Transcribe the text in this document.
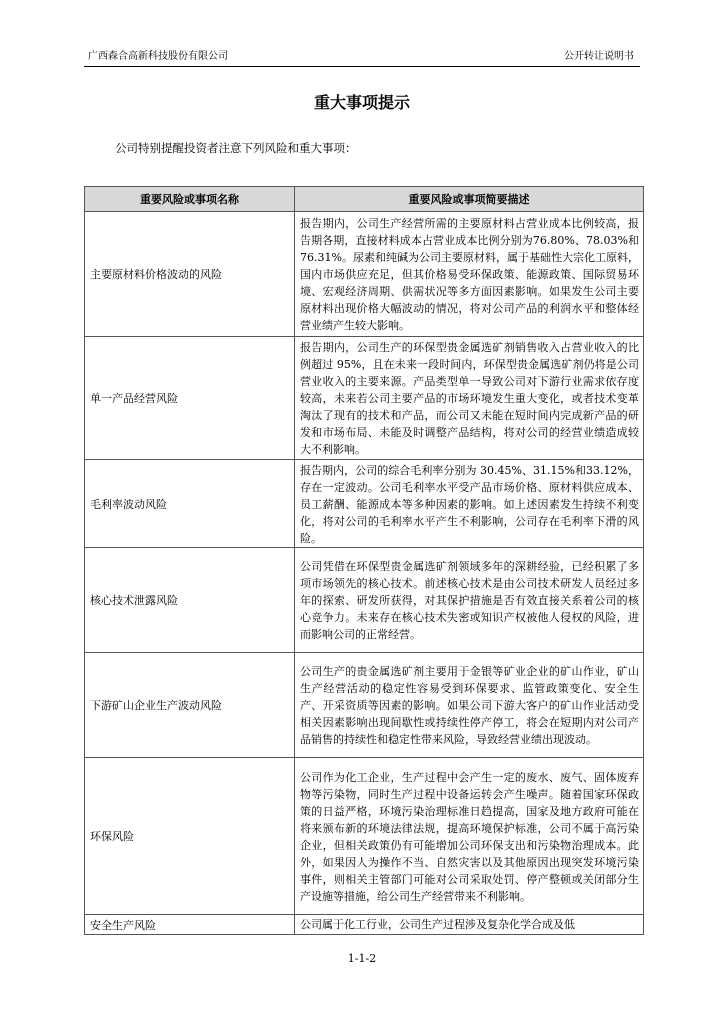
广西森合高新科技股份有限公司	公开转让说明书
重大事项提示
公司特别提醒投资者注意下列风险和重大事项：
重要风险或事项名称	重要风险或事项简要描述
主要原材料价格波动的风险	报告期内，公司生产经营所需的主要原材料占营业成本比例较高，报告期各期，直接材料成本占营业成本比例分别为76.80%、78.03%和 76.31%。尿素和纯碱为公司主要原材料，属于基础性大宗化工原料，国内市场供应充足，但其价格易受环保政策、能源政策、国际贸易环境、宏观经济周期、供需状况等多方面因素影响。如果发生公司主要原材料出现价格大幅波动的情况，将对公司产品的利润水平和整体经营业绩产生较大影响。
单一产品经营风险	报告期内，公司生产的环保型贵金属选矿剂销售收入占营业收入的比例超过 95%，且在未来一段时间内，环保型贵金属选矿剂仍将是公司营业收入的主要来源。产品类型单一导致公司对下游行业需求依存度较高，未来若公司主要产品的市场环境发生重大变化，或者技术变革淘汰了现有的技术和产品，而公司又未能在短时间内完成新产品的研发和市场布局、未能及时调整产品结构，将对公司的经营业绩造成较大不利影响。
毛利率波动风险	报告期内，公司的综合毛利率分别为 30.45%、31.15%和33.12%，存在一定波动。公司毛利率水平受产品市场价格、原材料供应成本、员工薪酬、能源成本等多种因素的影响。如上述因素发生持续不利变化，将对公司的毛利率水平产生不利影响，公司存在毛利率下滑的风险。
核心技术泄露风险	公司凭借在环保型贵金属选矿剂领域多年的深耕经验，已经积累了多项市场领先的核心技术。前述核心技术是由公司技术研发人员经过多年的探索、研发所获得，对其保护措施是否有效直接关系着公司的核心竞争力。未来存在核心技术失密或知识产权被他人侵权的风险，进而影响公司的正常经营。
下游矿山企业生产波动风险	公司生产的贵金属选矿剂主要用于金银等矿业企业的矿山作业，矿山生产经营活动的稳定性容易受到环保要求、监管政策变化、安全生产、开采资质等因素的影响。如果公司下游大客户的矿山作业活动受相关因素影响出现间歇性或持续性停产停工，将会在短期内对公司产品销售的持续性和稳定性带来风险，导致经营业绩出现波动。
环保风险	公司作为化工企业，生产过程中会产生一定的废水、废气、固体废弃物等污染物，同时生产过程中设备运转会产生噪声。随着国家环保政策的日益严格，环境污染治理标准日趋提高，国家及地方政府可能在将来颁布新的环境法律法规，提高环境保护标准，公司不属于高污染企业，但相关政策仍有可能增加公司环保支出和污染物治理成本。此外，如果因人为操作不当、自然灾害以及其他原因出现突发环境污染事件，则相关主管部门可能对公司采取处罚、停产整顿或关闭部分生产设施等措施，给公司生产经营带来不利影响。
安全生产风险	公司属于化工行业，公司生产过程涉及复杂化学合成及低
1-1-2
